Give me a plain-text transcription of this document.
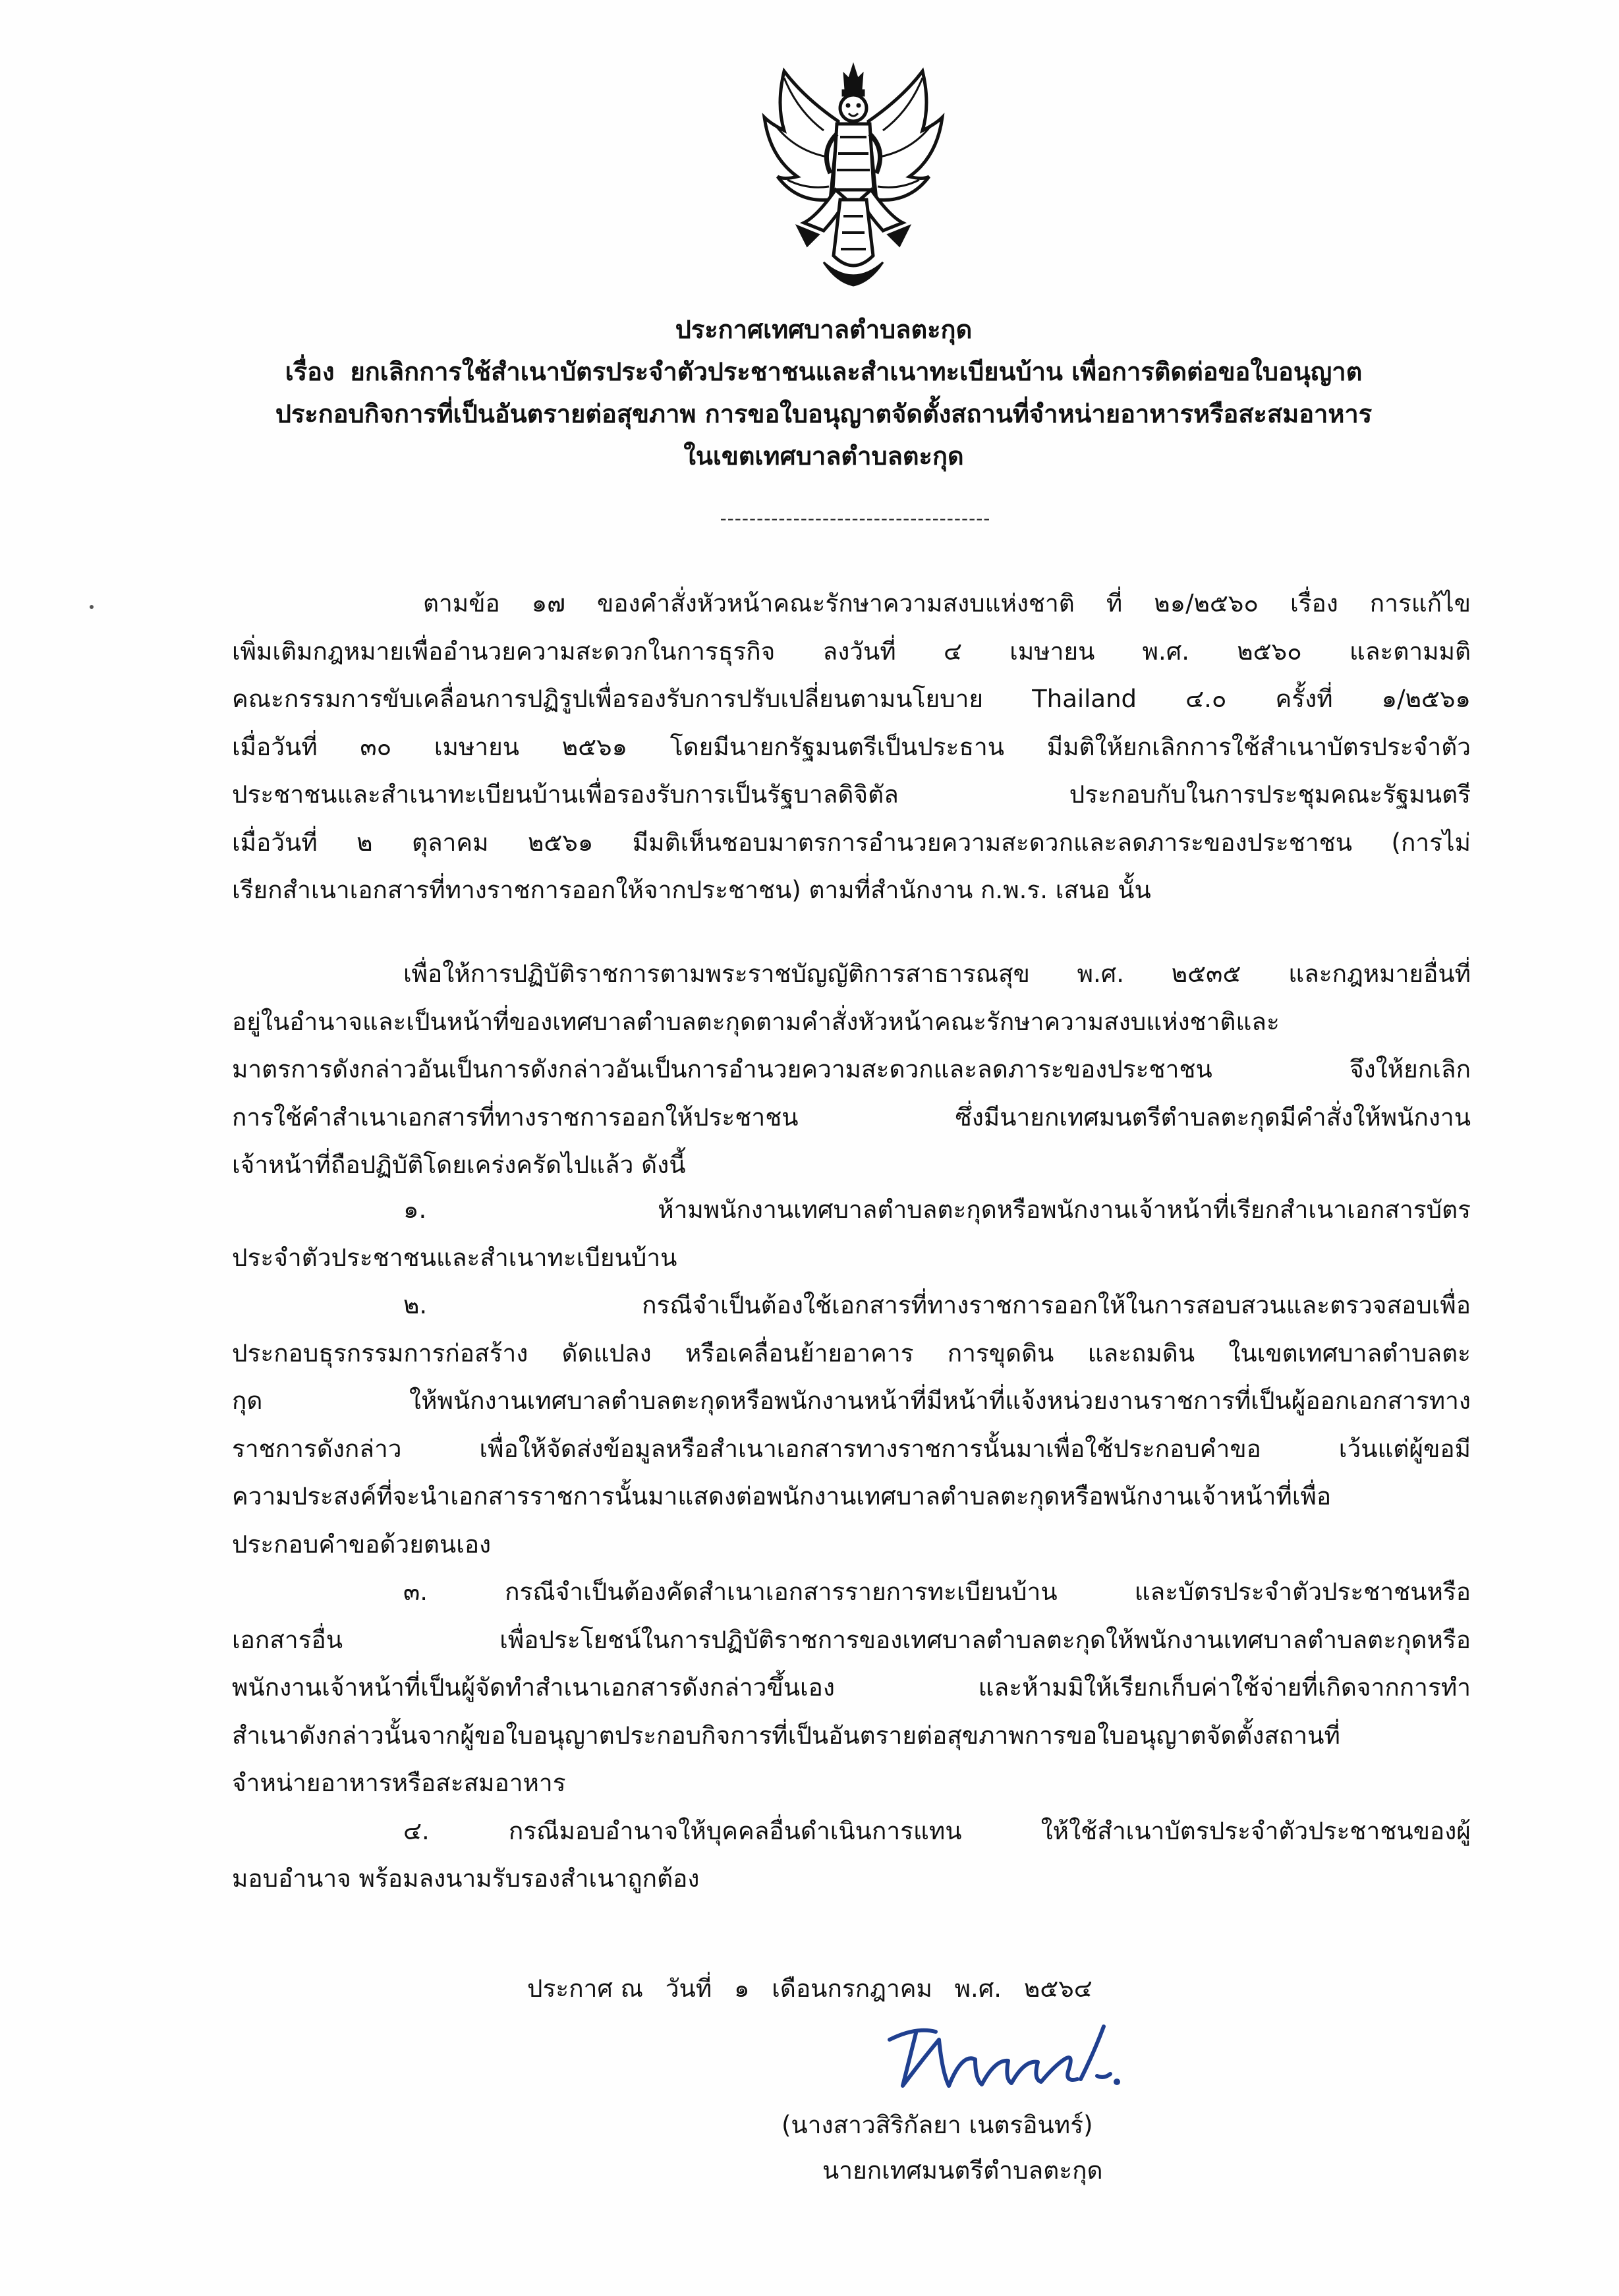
ประกาศเทศบาลตำบลตะกุด
เรื่อง ยกเลิกการใช้สำเนาบัตรประจำตัวประชาชนและสำเนาทะเบียนบ้าน เพื่อการติดต่อขอใบอนุญาต
ประกอบกิจการที่เป็นอันตรายต่อสุขภาพ การขอใบอนุญาตจัดตั้งสถานที่จำหน่ายอาหารหรือสะสมอาหาร
ในเขตเทศบาลตำบลตะกุด
-------------------------------------
ตามข้อ ๑๗ ของคำสั่งหัวหน้าคณะรักษาความสงบแห่งชาติ ที่ ๒๑/๒๕๖๐ เรื่อง การแก้ไข
เพิ่มเติมกฎหมายเพื่ออำนวยความสะดวกในการธุรกิจ ลงวันที่ ๔ เมษายน พ.ศ. ๒๕๖๐ และตามมติ
คณะกรรมการขับเคลื่อนการปฏิรูปเพื่อรองรับการปรับเปลี่ยนตามนโยบาย Thailand ๔.๐ ครั้งที่ ๑/๒๕๖๑
เมื่อวันที่ ๓๐ เมษายน ๒๕๖๑ โดยมีนายกรัฐมนตรีเป็นประธาน มีมติให้ยกเลิกการใช้สำเนาบัตรประจำตัว
ประชาชนและสำเนาทะเบียนบ้านเพื่อรองรับการเป็นรัฐบาลดิจิตัล ประกอบกับในการประชุมคณะรัฐมนตรี
เมื่อวันที่ ๒ ตุลาคม ๒๕๖๑ มีมติเห็นชอบมาตรการอำนวยความสะดวกและลดภาระของประชาชน (การไม่
เรียกสำเนาเอกสารที่ทางราชการออกให้จากประชาชน) ตามที่สำนักงาน ก.พ.ร. เสนอ นั้น
เพื่อให้การปฏิบัติราชการตามพระราชบัญญัติการสาธารณสุข พ.ศ. ๒๕๓๕ และกฎหมายอื่นที่
อยู่ในอำนาจและเป็นหน้าที่ของเทศบาลตำบลตะกุดตามคำสั่งหัวหน้าคณะรักษาความสงบแห่งชาติและ
มาตรการดังกล่าวอันเป็นการดังกล่าวอันเป็นการอำนวยความสะดวกและลดภาระของประชาชน จึงให้ยกเลิก
การใช้คำสำเนาเอกสารที่ทางราชการออกให้ประชาชน ซึ่งมีนายกเทศมนตรีตำบลตะกุดมีคำสั่งให้พนักงาน
เจ้าหน้าที่ถือปฏิบัติโดยเคร่งครัดไปแล้ว ดังนี้
๑. ห้ามพนักงานเทศบาลตำบลตะกุดหรือพนักงานเจ้าหน้าที่เรียกสำเนาเอกสารบัตร
ประจำตัวประชาชนและสำเนาทะเบียนบ้าน
๒. กรณีจำเป็นต้องใช้เอกสารที่ทางราชการออกให้ในการสอบสวนและตรวจสอบเพื่อ
ประกอบธุรกรรมการก่อสร้าง ดัดแปลง หรือเคลื่อนย้ายอาคาร การขุดดิน และถมดิน ในเขตเทศบาลตำบลตะ
กุด ให้พนักงานเทศบาลตำบลตะกุดหรือพนักงานหน้าที่มีหน้าที่แจ้งหน่วยงานราชการที่เป็นผู้ออกเอกสารทาง
ราชการดังกล่าว เพื่อให้จัดส่งข้อมูลหรือสำเนาเอกสารทางราชการนั้นมาเพื่อใช้ประกอบคำขอ เว้นแต่ผู้ขอมี
ความประสงค์ที่จะนำเอกสารราชการนั้นมาแสดงต่อพนักงานเทศบาลตำบลตะกุดหรือพนักงานเจ้าหน้าที่เพื่อ
ประกอบคำขอด้วยตนเอง
๓. กรณีจำเป็นต้องคัดสำเนาเอกสารรายการทะเบียนบ้าน และบัตรประจำตัวประชาชนหรือ
เอกสารอื่น เพื่อประโยชน์ในการปฏิบัติราชการของเทศบาลตำบลตะกุดให้พนักงานเทศบาลตำบลตะกุดหรือ
พนักงานเจ้าหน้าที่เป็นผู้จัดทำสำเนาเอกสารดังกล่าวขึ้นเอง และห้ามมิให้เรียกเก็บค่าใช้จ่ายที่เกิดจากการทำ
สำเนาดังกล่าวนั้นจากผู้ขอใบอนุญาตประกอบกิจการที่เป็นอันตรายต่อสุขภาพการขอใบอนุญาตจัดตั้งสถานที่
จำหน่ายอาหารหรือสะสมอาหาร
๔. กรณีมอบอำนาจให้บุคคลอื่นดำเนินการแทน ให้ใช้สำเนาบัตรประจำตัวประชาชนของผู้
มอบอำนาจ พร้อมลงนามรับรองสำเนาถูกต้อง
ประกาศ ณ วันที่ ๑ เดือนกรกฎาคม พ.ศ. ๒๕๖๔
(นางสาวสิริกัลยา เนตรอินทร์)
นายกเทศมนตรีตำบลตะกุด
